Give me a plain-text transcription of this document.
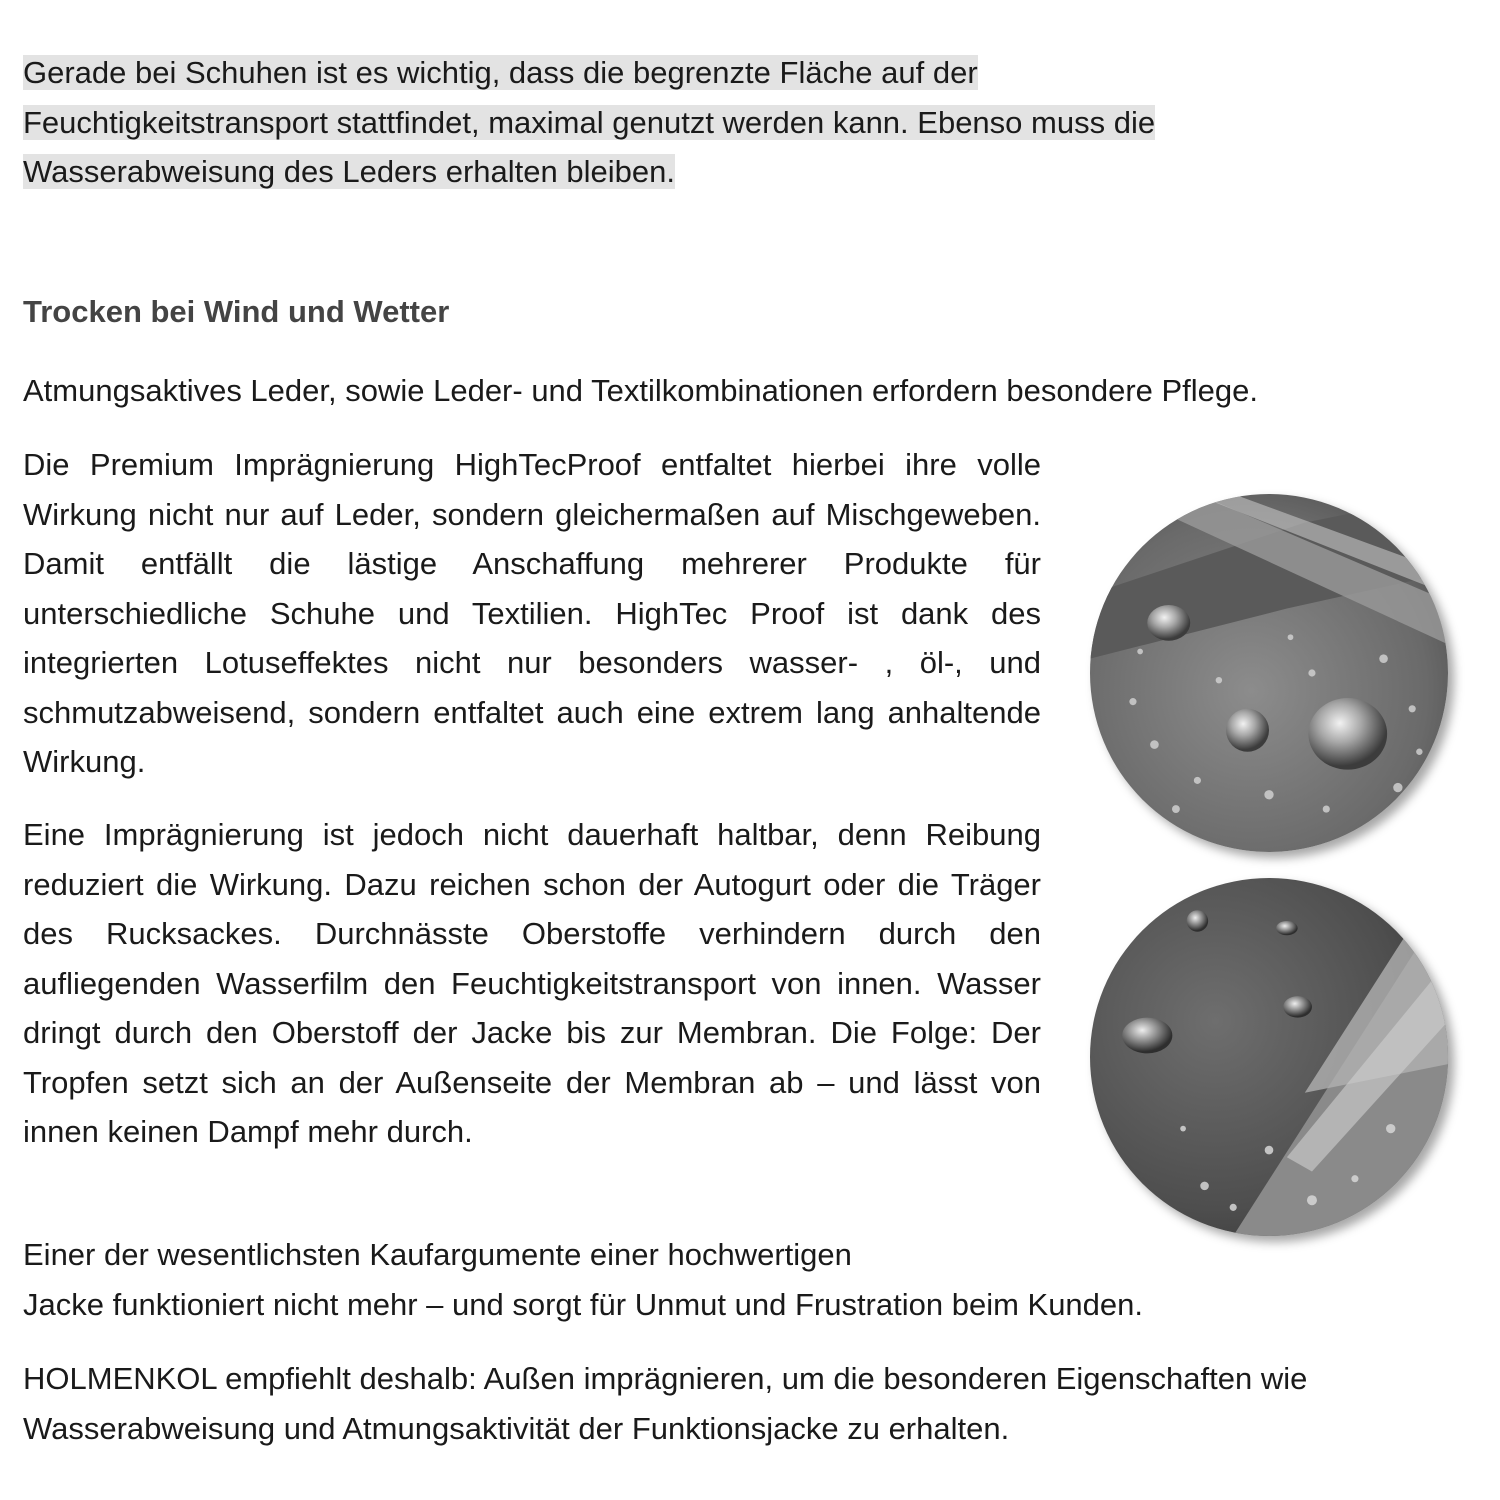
Gerade bei Schuhen ist es wichtig, dass die begrenzte Fläche auf der
Feuchtigkeitstransport stattfindet, maximal genutzt werden kann. Ebenso muss die
Wasserabweisung des Leders erhalten bleiben.
Trocken bei Wind und Wetter

Atmungsaktives Leder, sowie Leder- und Textilkombinationen erfordern besondere Pflege.

Die Premium Imprägnierung HighTecProof entfaltet hierbei ihre volle Wirkung nicht nur auf Leder, sondern gleichermaßen auf Mischgeweben. Damit entfällt die lästige Anschaffung mehrerer Produkte für unterschiedliche Schuhe und Textilien. HighTec Proof ist dank des integrierten Lotuseffektes nicht nur besonders wasser- , öl-, und schmutzabweisend, sondern entfaltet auch eine extrem lang anhaltende Wirkung.

Eine Imprägnierung ist jedoch nicht dauerhaft haltbar, denn Reibung reduziert die Wirkung. Dazu reichen schon der Autogurt oder die Träger des Rucksackes. Durchnässte Oberstoffe verhindern durch den aufliegenden Wasserfilm den Feuchtigkeitstransport von innen. Wasser dringt durch den Oberstoff der Jacke bis zur Membran. Die Folge: Der Tropfen setzt sich an der Außenseite der Membran ab – und lässt von innen keinen Dampf mehr durch.

Einer der wesentlichsten Kaufargumente einer hochwertigen
Jacke funktioniert nicht mehr – und sorgt für Unmut und Frustration beim Kunden.

HOLMENKOL empfiehlt deshalb: Außen imprägnieren, um die besonderen Eigenschaften wie Wasserabweisung und Atmungsaktivität der Funktionsjacke zu erhalten.
